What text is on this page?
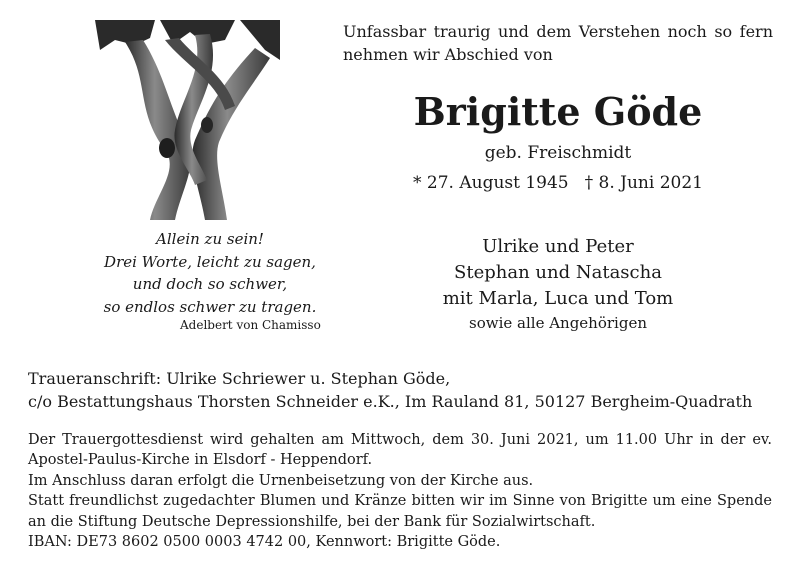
Unfassbar traurig und dem Verstehen noch so fern
nehmen wir Abschied von
Brigitte Göde
geb. Freischmidt
* 27. August 1945 † 8. Juni 2021
Allein zu sein!
Drei Worte, leicht zu sagen,
und doch so schwer,
so endlos schwer zu tragen.
Adelbert von Chamisso
Ulrike und Peter
Stephan und Natascha
mit Marla, Luca und Tom
sowie alle Angehörigen
Traueranschrift: Ulrike Schriewer u. Stephan Göde,
c/o Bestattungshaus Thorsten Schneider e.K., Im Rauland 81, 50127 Bergheim-Quadrath
Der Trauergottesdienst wird gehalten am Mittwoch, dem 30. Juni 2021, um 11.00 Uhr in der ev.
Apostel-Paulus-Kirche in Elsdorf - Heppendorf.
Im Anschluss daran erfolgt die Urnenbeisetzung von der Kirche aus.
Statt freundlichst zugedachter Blumen und Kränze bitten wir im Sinne von Brigitte um eine Spende
an die Stiftung Deutsche Depressionshilfe, bei der Bank für Sozialwirtschaft.
IBAN: DE73 8602 0500 0003 4742 00, Kennwort: Brigitte Göde.
